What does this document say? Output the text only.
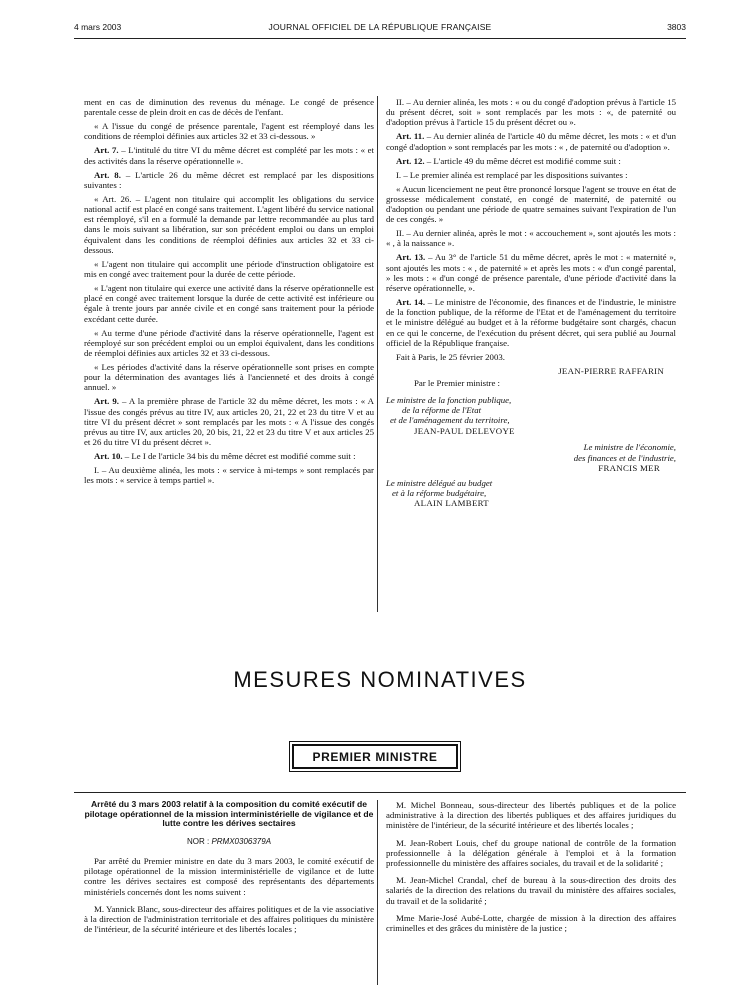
4 mars 2003	JOURNAL OFFICIEL DE LA RÉPUBLIQUE FRANÇAISE	3803

ment en cas de diminution des revenus du ménage. Le congé de présence parentale cesse de plein droit en cas de décès de l'enfant.

« A l'issue du congé de présence parentale, l'agent est réemployé dans les conditions de réemploi définies aux articles 32 et 33 ci-dessous. »

Art. 7. – L'intitulé du titre VI du même décret est complété par les mots : « et des activités dans la réserve opérationnelle ».

Art. 8. – L'article 26 du même décret est remplacé par les dispositions suivantes :

« Art. 26. – L'agent non titulaire qui accomplit les obligations du service national actif est placé en congé sans traitement. L'agent libéré du service national est réemployé, s'il en a formulé la demande par lettre recommandée au plus tard dans le mois suivant sa libération, sur son précédent emploi ou dans un emploi équivalent dans les conditions de réemploi définies aux articles 32 et 33 ci-dessous.

« L'agent non titulaire qui accomplit une période d'instruction obligatoire est mis en congé avec traitement pour la durée de cette période.

« L'agent non titulaire qui exerce une activité dans la réserve opérationnelle est placé en congé avec traitement lorsque la durée de cette activité est inférieure ou égale à trente jours par année civile et en congé sans traitement pour la période excédant cette durée.

« Au terme d'une période d'activité dans la réserve opérationnelle, l'agent est réemployé sur son précédent emploi ou un emploi équivalent, dans les conditions de réemploi définies aux articles 32 et 33 ci-dessous.

« Les périodes d'activité dans la réserve opérationnelle sont prises en compte pour la détermination des avantages liés à l'ancienneté et des droits à congé annuel. »

Art. 9. – A la première phrase de l'article 32 du même décret, les mots : « A l'issue des congés prévus au titre IV, aux articles 20, 21, 22 et 23 du titre V et au titre VI du présent décret » sont remplacés par les mots : « A l'issue des congés prévus au titre IV, aux articles 20, 20 bis, 21, 22 et 23 du titre V et aux articles 25 et 26 du titre VI du présent décret ».

Art. 10. – Le I de l'article 34 bis du même décret est modifié comme suit :

I. – Au deuxième alinéa, les mots : « service à mi-temps » sont remplacés par les mots : « service à temps partiel ».

II. – Au dernier alinéa, les mots : « ou du congé d'adoption prévus à l'article 15 du présent décret, soit » sont remplacés par les mots : «, de paternité ou d'adoption prévus à l'article 15 du présent décret ou ».

Art. 11. – Au dernier alinéa de l'article 40 du même décret, les mots : « et d'un congé d'adoption » sont remplacés par les mots : « , de paternité ou d'adoption ».

Art. 12. – L'article 49 du même décret est modifié comme suit :

I. – Le premier alinéa est remplacé par les dispositions suivantes :

« Aucun licenciement ne peut être prononcé lorsque l'agent se trouve en état de grossesse médicalement constaté, en congé de maternité, de paternité ou d'adoption ou pendant une période de quatre semaines suivant l'expiration de l'un de ces congés. »

II. – Au dernier alinéa, après le mot : « accouchement », sont ajoutés les mots : « , à la naissance ».

Art. 13. – Au 3° de l'article 51 du même décret, après le mot : « maternité », sont ajoutés les mots : « , de paternité » et après les mots : « d'un congé parental, » les mots : « d'un congé de présence parentale, d'une période d'activité dans la réserve opérationnelle, ».

Art. 14. – Le ministre de l'économie, des finances et de l'industrie, le ministre de la fonction publique, de la réforme de l'Etat et de l'aménagement du territoire et le ministre délégué au budget et à la réforme budgétaire sont chargés, chacun en ce qui le concerne, de l'exécution du présent décret, qui sera publié au Journal officiel de la République française.

Fait à Paris, le 25 février 2003.

JEAN-PIERRE RAFFARIN
Par le Premier ministre :
Le ministre de la fonction publique,
de la réforme de l'Etat
et de l'aménagement du territoire,
JEAN-PAUL DELEVOYE
Le ministre de l'économie,
des finances et de l'industrie,
FRANCIS MER
Le ministre délégué au budget
et à la réforme budgétaire,
ALAIN LAMBERT
MESURES NOMINATIVES
PREMIER MINISTRE
Arrêté du 3 mars 2003 relatif à la composition du comité exécutif de pilotage opérationnel de la mission interministérielle de vigilance et de lutte contre les dérives sectaires
NOR : PRMX0306379A

Par arrêté du Premier ministre en date du 3 mars 2003, le comité exécutif de pilotage opérationnel de la mission interministérielle de vigilance et de lutte contre les dérives sectaires est composé des représentants des départements ministériels concernés dont les noms suivent :

M. Yannick Blanc, sous-directeur des affaires politiques et de la vie associative à la direction de l'administration territoriale et des affaires politiques du ministère de l'intérieur, de la sécurité intérieure et des libertés locales ;

M. Michel Bonneau, sous-directeur des libertés publiques et de la police administrative à la direction des libertés publiques et des affaires juridiques du ministère de l'intérieur, de la sécurité intérieure et des libertés locales ;

M. Jean-Robert Louis, chef du groupe national de contrôle de la formation professionnelle à la délégation générale à l'emploi et à la formation professionnelle du ministère des affaires sociales, du travail et de la solidarité ;

M. Jean-Michel Crandal, chef de bureau à la sous-direction des droits des salariés de la direction des relations du travail du ministère des affaires sociales, du travail et de la solidarité ;

Mme Marie-José Aubé-Lotte, chargée de mission à la direction des affaires criminelles et des grâces du ministère de la justice ;
